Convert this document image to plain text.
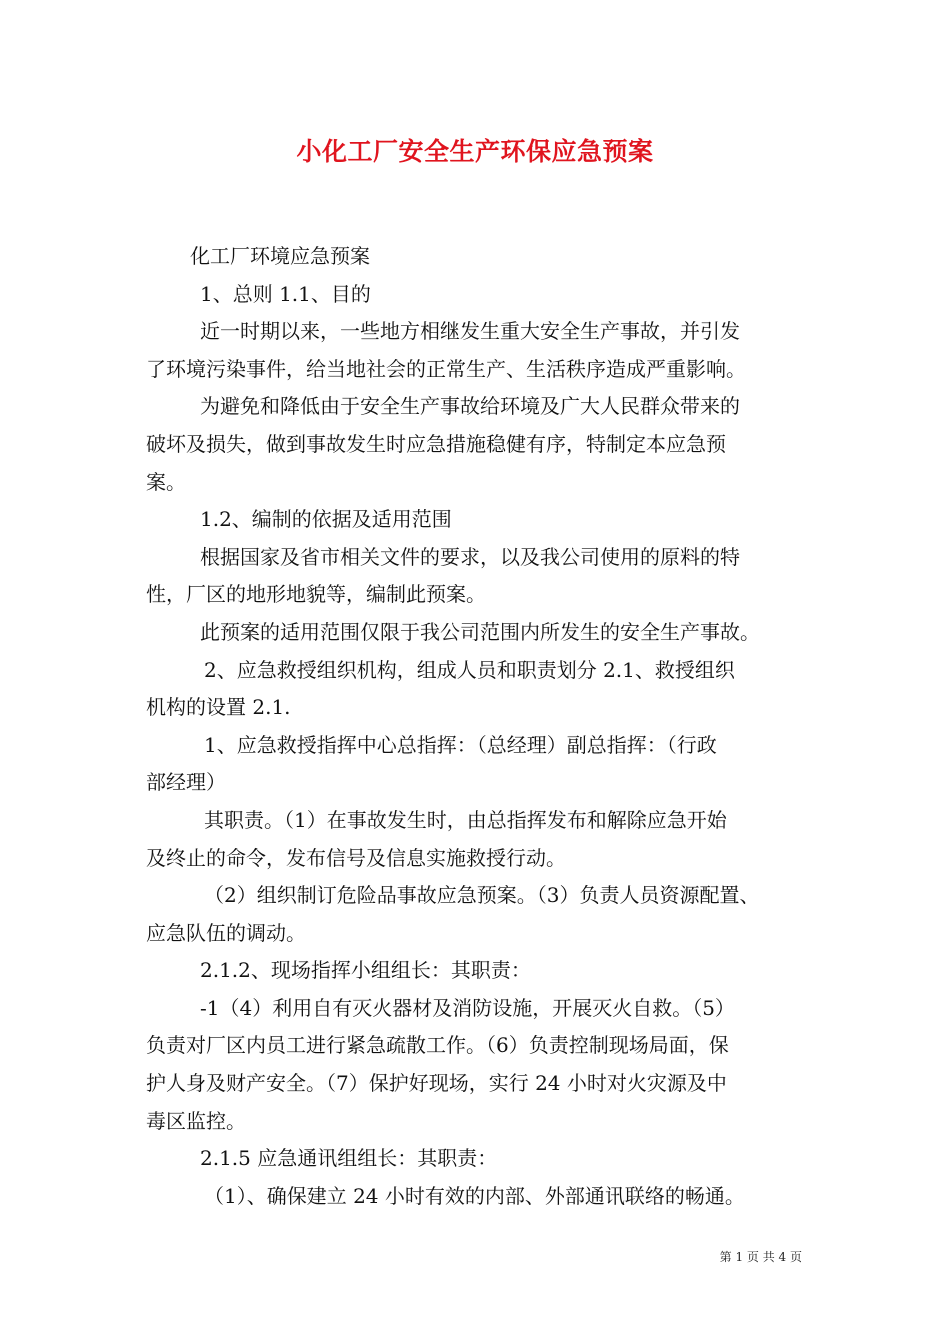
小化工厂安全生产环保应急预案
化工厂环境应急预案
1、总则 1.1、目的
近一时期以来，一些地方相继发生重大安全生产事故，并引发
了环境污染事件，给当地社会的正常生产、生活秩序造成严重影响。
为避免和降低由于安全生产事故给环境及广大人民群众带来的
破坏及损失，做到事故发生时应急措施稳健有序，特制定本应急预
案。
1.2、编制的依据及适用范围
根据国家及省市相关文件的要求，以及我公司使用的原料的特
性，厂区的地形地貌等，编制此预案。
此预案的适用范围仅限于我公司范围内所发生的安全生产事故。
2、应急救授组织机构，组成人员和职责划分 2.1、救授组织
机构的设置 2.1.
1、应急救授指挥中心总指挥：（总经理）副总指挥：（行政
部经理）
其职责。（1）在事故发生时，由总指挥发布和解除应急开始
及终止的命令，发布信号及信息实施救授行动。
（2）组织制订危险品事故应急预案。（3）负责人员资源配置、
应急队伍的调动。
2.1.2、现场指挥小组组长：其职责：
-1（4）利用自有灭火器材及消防设施，开展灭火自救。（5）
负责对厂区内员工进行紧急疏散工作。（6）负责控制现场局面，保
护人身及财产安全。（7）保护好现场，实行 24 小时对火灾源及中
毒区监控。
2.1.5 应急通讯组组长：其职责：
（1）、确保建立 24 小时有效的内部、外部通讯联络的畅通。
第 1 页 共 4 页
